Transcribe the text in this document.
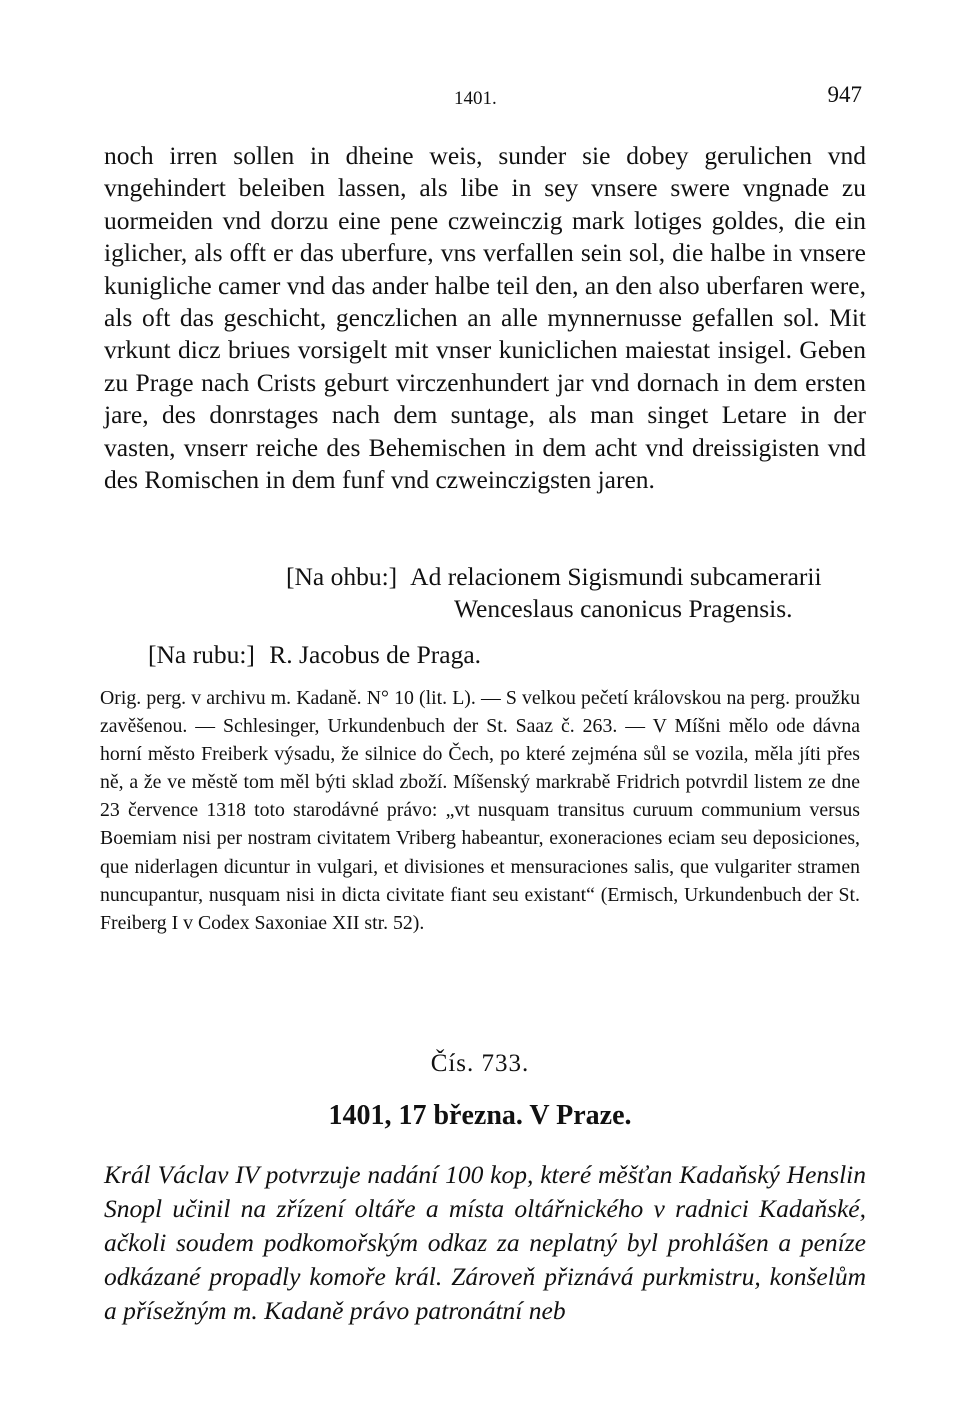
1401.	947

noch irren sollen in dheine weis, sunder sie dobey gerulichen vnd vngehindert beleiben lassen, als libe in sey vnsere swere vngnade zu uormeiden vnd dorzu eine pene czweinczig mark lotiges goldes, die ein iglicher, als offt er das uberfure, vns verfallen sein sol, die halbe in vnsere kunigliche camer vnd das ander halbe teil den, an den also uberfaren were, als oft das geschicht, genczlichen an alle mynnernusse gefallen sol. Mit vrkunt dicz briues vorsigelt mit vnser kuniclichen maiestat insigel. Geben zu Prage nach Crists geburt virczenhundert jar vnd dornach in dem ersten jare, des donrstages nach dem suntage, als man singet Letare in der vasten, vnserr reiche des Behemischen in dem acht vnd dreissigisten vnd des Romischen in dem funf vnd czweinczigsten jaren.

[Na ohbu:] Ad relacionem Sigismundi subcamerarii
Wenceslaus canonicus Pragensis.
[Na rubu:] R. Jacobus de Praga.

Orig. perg. v archivu m. Kadaně. N° 10 (lit. L). — S velkou pečetí královskou na perg. proužku zavěšenou. — Schlesinger, Urkundenbuch der St. Saaz č. 263. — V Míšni mělo ode dávna horní město Freiberk výsadu, že silnice do Čech, po které zejména sůl se vozila, měla jíti přes ně, a že ve městě tom měl býti sklad zboží. Míšenský markrabě Fridrich potvrdil listem ze dne 23 července 1318 toto starodávné právo: „vt nusquam transitus curuum communium versus Boemiam nisi per nostram civitatem Vriberg habeantur, exoneraciones eciam seu deposiciones, que niderlagen dicuntur in vulgari, et divisiones et mensuraciones salis, que vulgariter stramen nuncupantur, nusquam nisi in dicta civitate fiant seu existant“ (Ermisch, Urkundenbuch der St. Freiberg I v Codex Saxoniae XII str. 52).

Čís. 733.
1401, 17 března. V Praze.

Král Václav IV potvrzuje nadání 100 kop, které měšťan Kadaňský Henslin Snopl učinil na zřízení oltáře a místa oltářnického v radnici Kadaňské, ačkoli soudem podkomořským odkaz za neplatný byl prohlášen a peníze odkázané propadly komoře král. Zároveň přiznává purkmistru, konšelům a přísežným m. Kadaně právo patronátní neb
